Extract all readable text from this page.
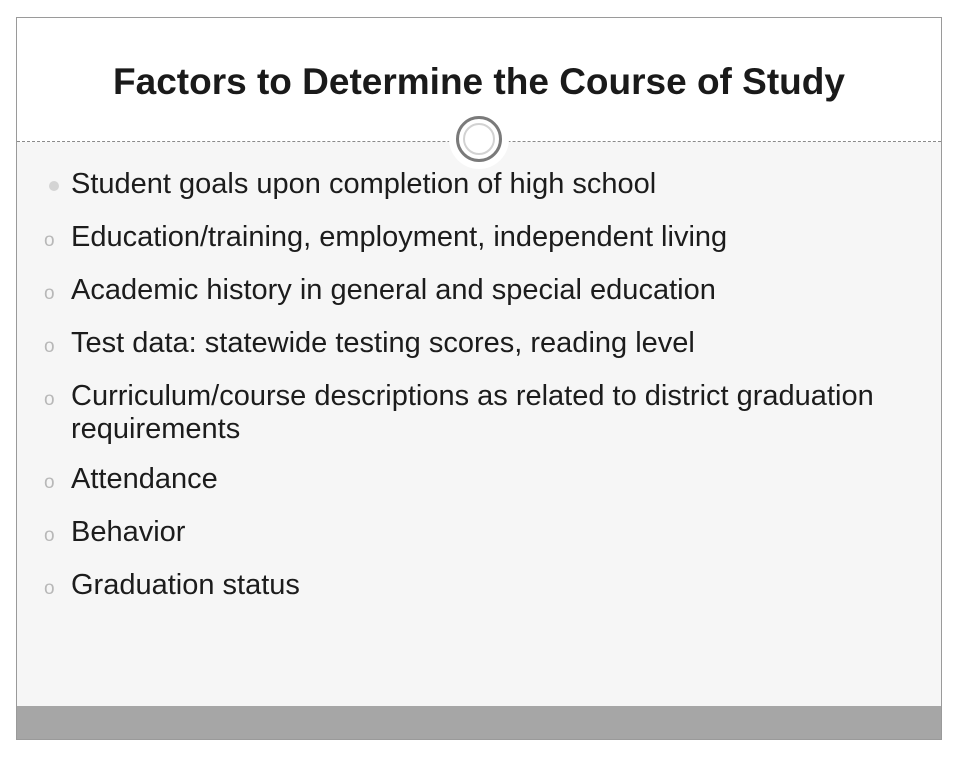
Factors to Determine the Course of Study
Student goals upon completion of high school
o Education/training, employment, independent living
o Academic history in general and special education
o Test data: statewide testing scores, reading level
o Curriculum/course descriptions as related to district graduation requirements
o Attendance
o Behavior
o Graduation status
